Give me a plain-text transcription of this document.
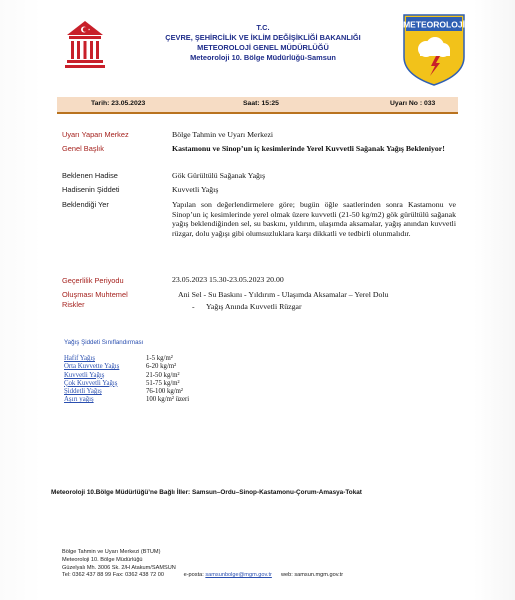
T.C.
ÇEVRE, ŞEHİRCİLİK VE İKLİM DEĞİŞİKLİĞİ BAKANLIĞI
METEOROLOJİ GENEL MÜDÜRLÜĞÜ
Meteoroloji 10. Bölge Müdürlüğü-Samsun
METEOROLOJİ
Tarih: 23.05.2023	Saat: 15:25	Uyarı No : 033
Uyarı Yapan Merkez	Bölge Tahmin ve Uyarı Merkezi
Genel Başlık	Kastamonu ve Sinop’un iç kesimlerinde Yerel Kuvvetli Sağanak Yağış Bekleniyor!
Beklenen Hadise	Gök Gürültülü Sağanak Yağış
Hadisenin Şiddeti	Kuvvetli Yağış
Beklendiği Yer	Yapılan son değerlendirmelere göre; bugün öğle saatlerinden sonra Kastamonu ve Sinop’un iç kesimlerinde yerel olmak üzere kuvvetli (21-50 kg/m2) gök gürültülü sağanak yağış beklendiğinden sel, su baskını, yıldırım, ulaşımda aksamalar, yağış anından kuvvetli rüzgar, dolu yağışı gibi olumsuzluklara karşı dikkatli ve tedbirli olunmalıdır.
Geçerlilik Periyodu	23.05.2023 15.30-23.05.2023 20.00
Oluşması Muhtemel
Riskler
Ani Sel - Su Baskını - Yıldırım - Ulaşımda Aksamalar – Yerel Dolu
-      Yağış Anında Kuvvetli Rüzgar
Yağış Şiddeti Sınıflandırması
Hafif Yağış	1-5 kg/m²
Orta Kuvvette Yağış	6-20 kg/m²
Kuvvetli Yağış	21-50 kg/m²
Çok Kuvvetli Yağış	51-75 kg/m²
Şiddetli Yağış	76-100 kg/m²
Aşırı yağış	100 kg/m² üzeri
Meteoroloji 10.Bölge Müdürlüğü’ne Bağlı İller: Samsun–Ordu–Sinop-Kastamonu-Çorum-Amasya-Tokat
Bölge Tahmin ve Uyarı Merkezi (BTUM)
Meteoroloji 10. Bölge Müdürlüğü
Güzelyalı Mh. 3006 Sk. 2/H Atakum/SAMSUN
Tel: 0362 437 88 99 Fax: 0362 438 72 00	e-posta: samsunbolge@mgm.gov.tr web: samsun.mgm.gov.tr
